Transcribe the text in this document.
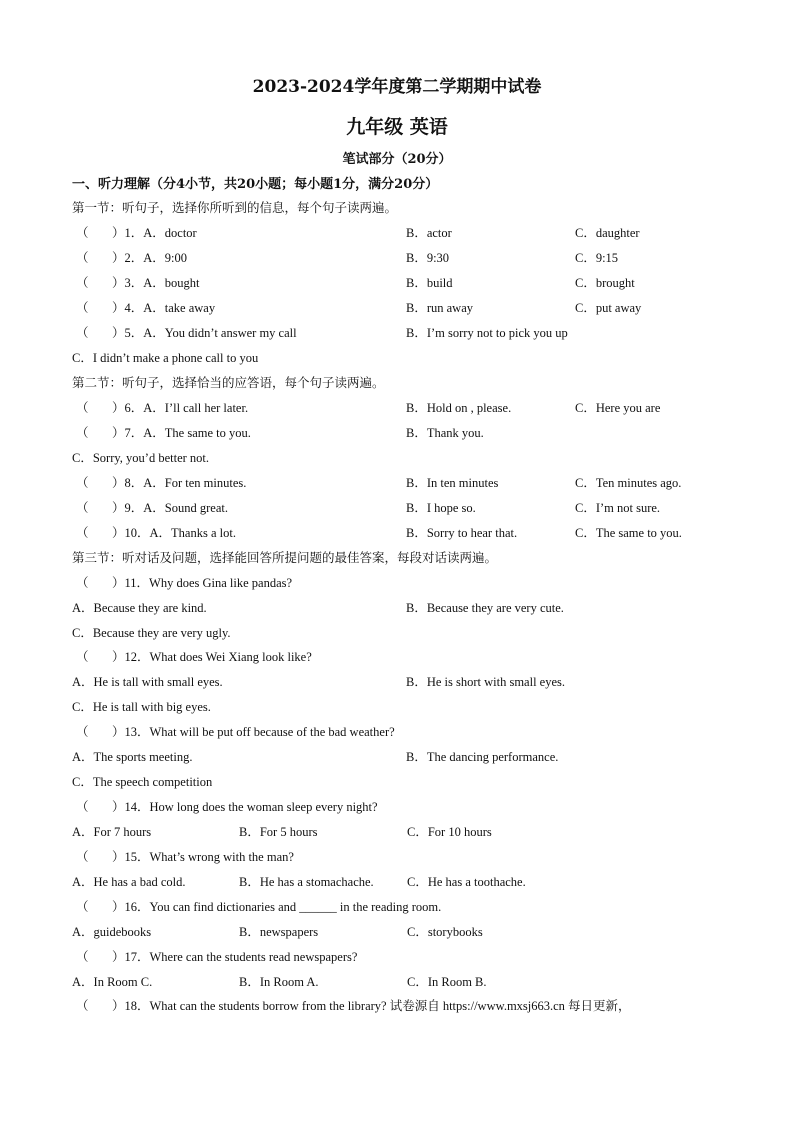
2023-2024学年度第二学期期中试卷
九年级 英语
笔试部分（20分）
一、听力理解（分4小节，共20小题；每小题1分，满分20分）
第一节：听句子，选择你所听到的信息，每个句子读两遍。
（ ）1．A．doctor	B．actor	C．daughter
（ ）2．A．9:00	B．9:30	C．9:15
（ ）3．A．bought	B．build	C．brought
（ ）4．A．take away	B．run away	C．put away
（ ）5．A．You didn’t answer my call	B．I’m sorry not to pick you up
C．I didn’t make a phone call to you
第二节：听句子，选择恰当的应答语，每个句子读两遍。
（ ）6．A．I’ll call her later.	B．Hold on , please.	C．Here you are
（ ）7．A．The same to you.	B．Thank you.
C．Sorry, you’d better not.
（ ）8．A．For ten minutes.	B．In ten minutes	C．Ten minutes ago.
（ ）9．A．Sound great.	B．I hope so.	C．I’m not sure.
（ ）10．A．Thanks a lot.	B．Sorry to hear that.	C．The same to you.
第三节：听对话及问题，选择能回答所提问题的最佳答案，每段对话读两遍。
（ ）11．Why does Gina like pandas?
A．Because they are kind.	B．Because they are very cute.
C．Because they are very ugly.
（ ）12．What does Wei Xiang look like?
A．He is tall with small eyes.	B．He is short with small eyes.
C．He is tall with big eyes.
（ ）13．What will be put off because of the bad weather?
A．The sports meeting.	B．The dancing performance.
C．The speech competition
（ ）14．How long does the woman sleep every night?
A．For 7 hours	B．For 5 hours	C．For 10 hours
（ ）15．What’s wrong with the man?
A．He has a bad cold.	B．He has a stomachache.	C．He has a toothache.
（ ）16．You can find dictionaries and ______ in the reading room.
A．guidebooks	B．newspapers	C．storybooks
（ ）17．Where can the students read newspapers?
A．In Room C.	B．In Room A.	C．In Room B.
（ ）18．What can the students borrow from the library? 试卷源自 https://www.mxsj663.cn 每日更新，
